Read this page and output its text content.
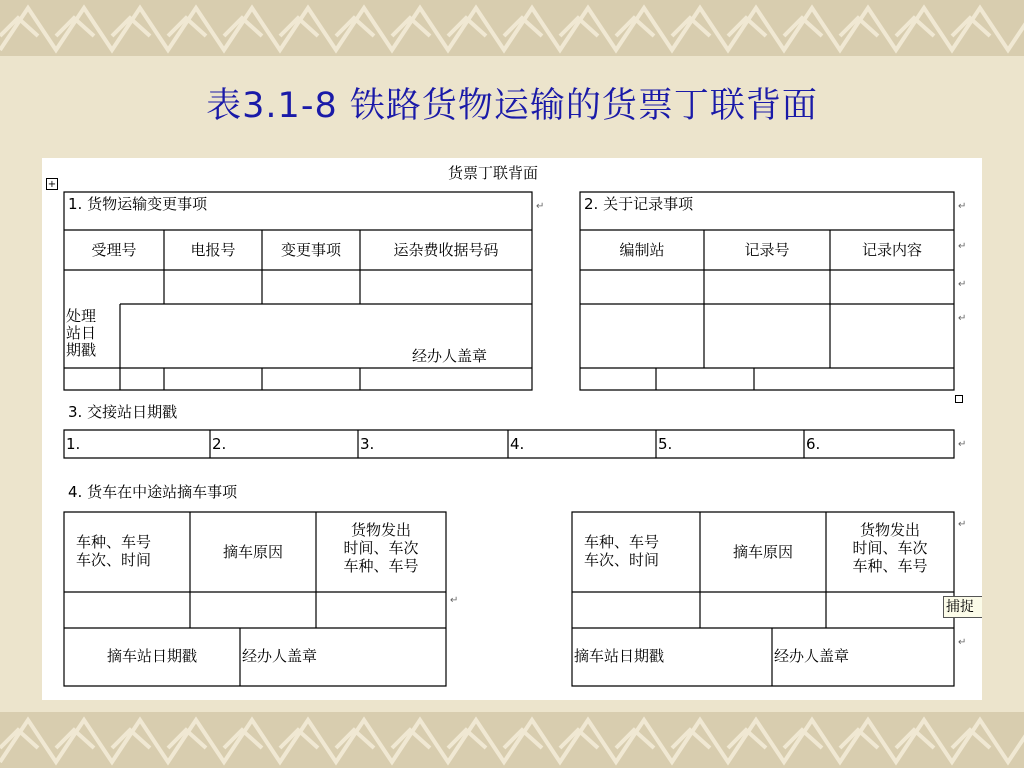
表3.1-8 铁路货物运输的货票丁联背面
+
货票丁联背面
1. 货物运输变更事项
受理号	电报号	变更事项	运杂费收据号码
处理
站日
期戳	经办人盖章
2. 关于记录事项
编制站	记录号	记录内容
3. 交接站日期戳
1.	2.	3.	4.	5.	6.
4. 货车在中途站摘车事项
车种、车号
车次、时间	摘车原因
货物发出
时间、车次
车种、车号
摘车站日期戳	经办人盖章
车种、车号
车次、时间	摘车原因
货物发出
时间、车次
车种、车号
摘车站日期戳	经办人盖章
↵	↵
↵
↵
↵
↵
↵
↵
↵
捕捉
